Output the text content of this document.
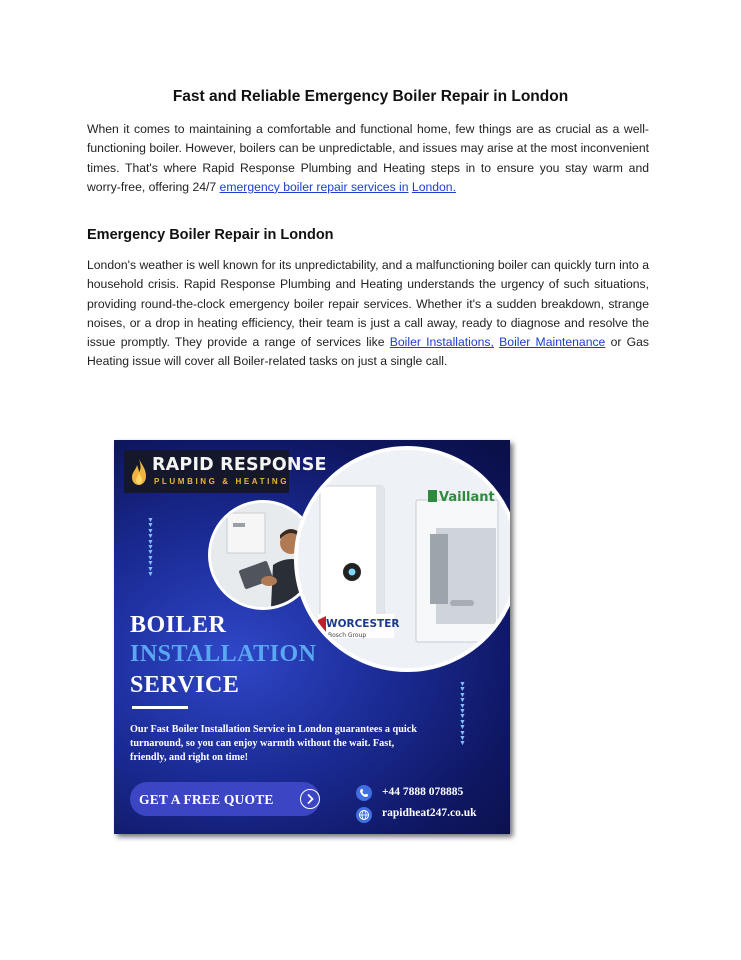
Fast and Reliable Emergency Boiler Repair in London

When it comes to maintaining a comfortable and functional home, few things are as crucial as a well-functioning boiler. However, boilers can be unpredictable, and issues may arise at the most inconvenient times. That's where Rapid Response Plumbing and Heating steps in to ensure you stay warm and worry-free, offering 24/7 emergency boiler repair services in London.

Emergency Boiler Repair in London

London's weather is well known for its unpredictability, and a malfunctioning boiler can quickly turn into a household crisis. Rapid Response Plumbing and Heating understands the urgency of such situations, providing round-the-clock emergency boiler repair services. Whether it's a sudden breakdown, strange noises, or a drop in heating efficiency, their team is just a call away, ready to diagnose and resolve the issue promptly. They provide a range of services like Boiler Installations, Boiler Maintenance or Gas Heating issue will cover all Boiler-related tasks on just a single call.

RAPID RESPONSE
PLUMBING & HEATING
▼
▼
▼
▼
▼
▼
▼
▼
▼
▼
▼
▼
▼
▼
▼
▼
▼
▼
▼
▼
▼
▼
▼
Vaillant
WORCESTER
Bosch Group
BOILER
INSTALLATION
SERVICE
Our Fast Boiler Installation Service in London guarantees a quick turnaround, so you can enjoy warmth without the wait. Fast, friendly, and right on time!
GET A FREE QUOTE	+44 7888 078885
rapidheat247.co.uk
